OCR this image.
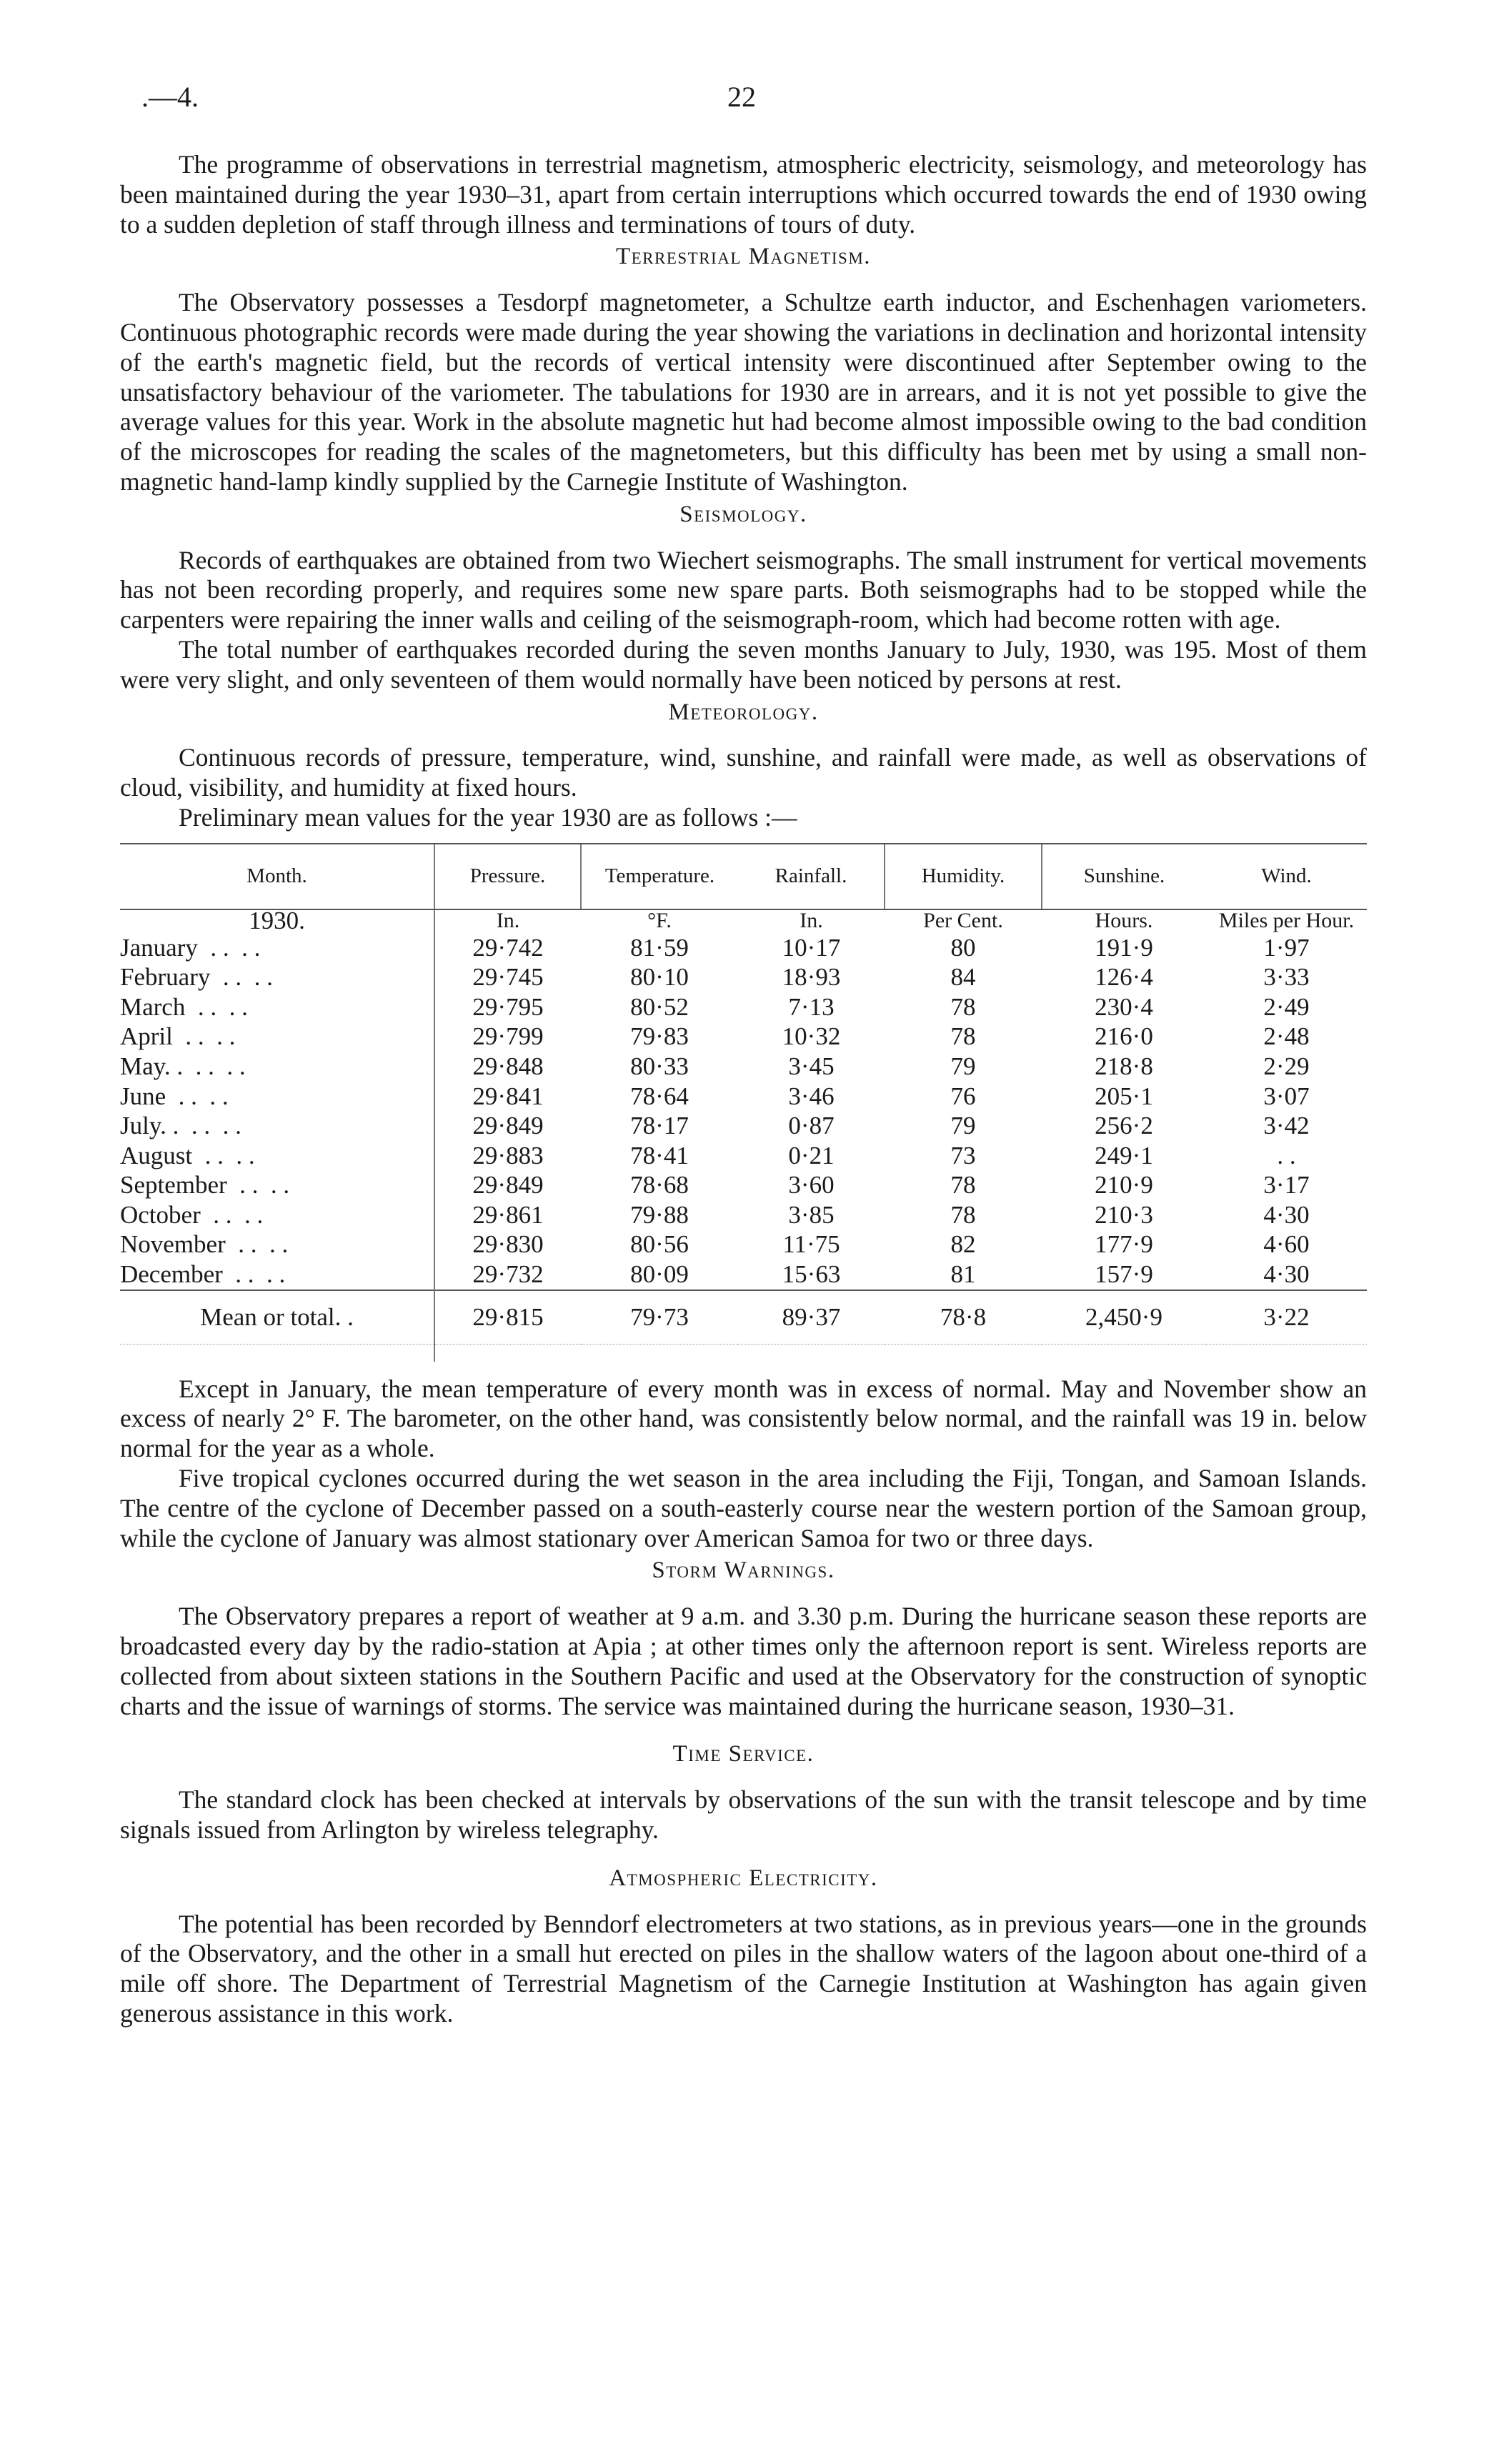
.—4.	22

The programme of observations in terrestrial magnetism, atmospheric electricity, seismology, and meteorology has been maintained during the year 1930–31, apart from certain interruptions which occurred towards the end of 1930 owing to a sudden depletion of staff through illness and terminations of tours of duty.

Terrestrial Magnetism.

The Observatory possesses a Tesdorpf magnetometer, a Schultze earth inductor, and Eschenhagen variometers. Continuous photographic records were made during the year showing the variations in declination and horizontal intensity of the earth's magnetic field, but the records of vertical intensity were discontinued after September owing to the unsatisfactory behaviour of the variometer. The tabulations for 1930 are in arrears, and it is not yet possible to give the average values for this year. Work in the absolute magnetic hut had become almost impossible owing to the bad condition of the microscopes for reading the scales of the magnetometers, but this difficulty has been met by using a small non-magnetic hand-lamp kindly supplied by the Carnegie Institute of Washington.

Seismology.

Records of earthquakes are obtained from two Wiechert seismographs. The small instrument for vertical movements has not been recording properly, and requires some new spare parts. Both seismographs had to be stopped while the carpenters were repairing the inner walls and ceiling of the seismograph-room, which had become rotten with age.

The total number of earthquakes recorded during the seven months January to July, 1930, was 195. Most of them were very slight, and only seventeen of them would normally have been noticed by persons at rest.

Meteorology.

Continuous records of pressure, temperature, wind, sunshine, and rainfall were made, as well as observations of cloud, visibility, and humidity at fixed hours.

Preliminary mean values for the year 1930 are as follows :—

Month.	Pressure.	Temperature.	Rainfall.	Humidity.	Sunshine.	Wind.
1930.	In.	°F.	In.	Per Cent.	Hours.	Miles per Hour.
January  . .  . .	29·742	81·59	10·17	80	191·9	1·97
February  . .  . .	29·745	80·10	18·93	84	126·4	3·33
March  . .  . .	29·795	80·52	7·13	78	230·4	2·49
April  . .  . .	29·799	79·83	10·32	78	216·0	2·48
May. .  . .  . .	29·848	80·33	3·45	79	218·8	2·29
June  . .  . .	29·841	78·64	3·46	76	205·1	3·07
July. .  . .  . .	29·849	78·17	0·87	79	256·2	3·42
August  . .  . .	29·883	78·41	0·21	73	249·1	. .
September  . .  . .	29·849	78·68	3·60	78	210·9	3·17
October  . .  . .	29·861	79·88	3·85	78	210·3	4·30
November  . .  . .	29·830	80·56	11·75	82	177·9	4·60
December  . .  . .	29·732	80·09	15·63	81	157·9	4·30
Mean or total. .	29·815	79·73	89·37	78·8	2,450·9	3·22

Except in January, the mean temperature of every month was in excess of normal. May and November show an excess of nearly 2° F. The barometer, on the other hand, was consistently below normal, and the rainfall was 19 in. below normal for the year as a whole.

Five tropical cyclones occurred during the wet season in the area including the Fiji, Tongan, and Samoan Islands. The centre of the cyclone of December passed on a south-easterly course near the western portion of the Samoan group, while the cyclone of January was almost stationary over American Samoa for two or three days.

Storm Warnings.

The Observatory prepares a report of weather at 9 a.m. and 3.30 p.m. During the hurricane season these reports are broadcasted every day by the radio-station at Apia ; at other times only the afternoon report is sent. Wireless reports are collected from about sixteen stations in the Southern Pacific and used at the Observatory for the construction of synoptic charts and the issue of warnings of storms. The service was maintained during the hurricane season, 1930–31.

Time Service.

The standard clock has been checked at intervals by observations of the sun with the transit telescope and by time signals issued from Arlington by wireless telegraphy.

Atmospheric Electricity.

The potential has been recorded by Benndorf electrometers at two stations, as in previous years—one in the grounds of the Observatory, and the other in a small hut erected on piles in the shallow waters of the lagoon about one-third of a mile off shore. The Department of Terrestrial Magnetism of the Carnegie Institution at Washington has again given generous assistance in this work.
